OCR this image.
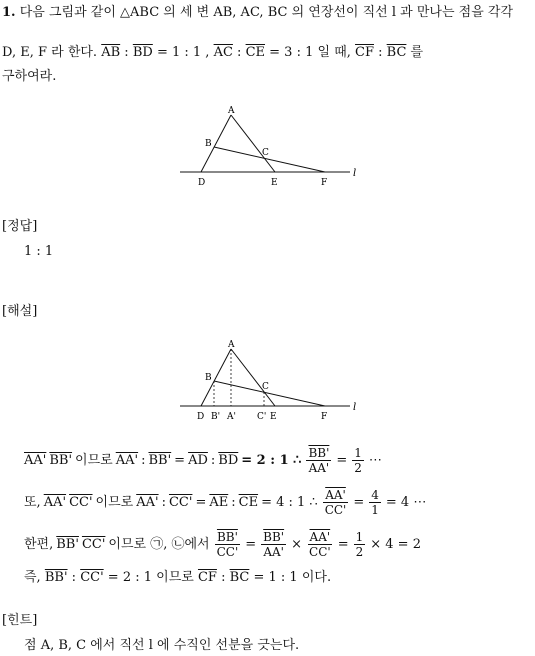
1. 다음 그림과 같이 △ABC 의 세 변 AB, AC, BC 의 연장선이 직선 l 과 만나는 점을 각각
D, E, F 라 한다. $\overline{AB}$ : $\overline{BD} = 1$ : 1 , $\overline{AC}$ : $\overline{CE} = 3$ : 1 일 때, $\overline{CF}$ : $\overline{BC}$ 를
구하여라.
A
B
C
D	E	F
l
[정답]
1 : 1
[해설]
A
B
C
D B' A' C' E	F
l
AA' BB' 이므로 AA' : $BB' = \overline{AD}$ : $\overline{BD} = 2$ : 1 ∴ $\frac{BB'}{AA'} = \frac{1}{2}$ ⋯
또, AA' CC' 이므로 AA' : $CC' = \overline{AE}$ : $\overline{CE} = 4$ : 1 ∴ $\frac{AA'}{CC'} = \frac{4}{1} = 4$ ⋯
한편, BB' CC' 이므로 ㉠, ㉡에서 $\frac{BB'}{CC'} = \frac{BB'}{AA'} \times \frac{AA'}{CC'} = \frac{1}{2} \times 4 = 2$
즉, BB' : CC' = 2 : 1 이므로 $\overline{CF}$ : $\overline{BC} = 1$ : 1 이다.
[힌트]
점 A, B, C 에서 직선 l 에 수직인 선분을 긋는다.
